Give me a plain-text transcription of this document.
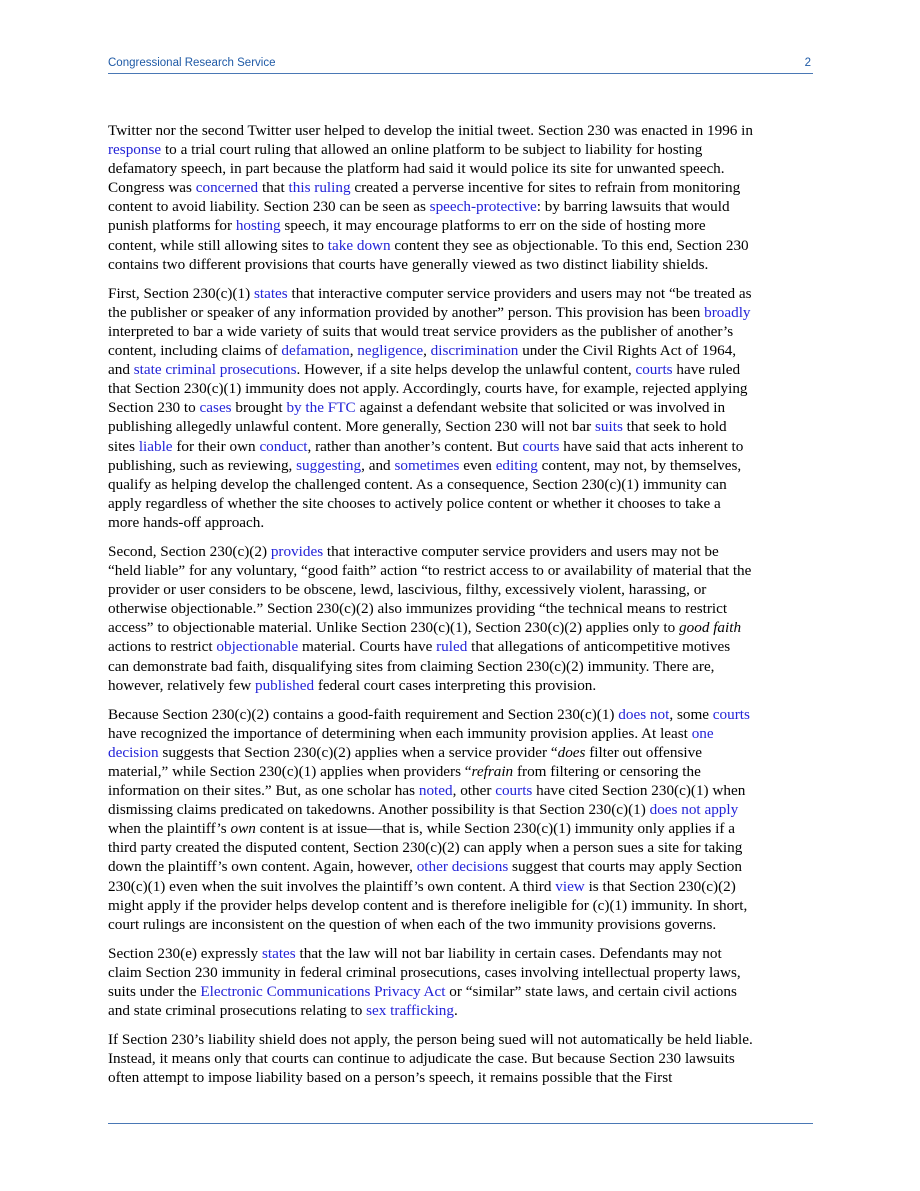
Congressional Research Service	2

Twitter nor the second Twitter user helped to develop the initial tweet. Section 230 was enacted in 1996 in
response to a trial court ruling that allowed an online platform to be subject to liability for hosting
defamatory speech, in part because the platform had said it would police its site for unwanted speech.
Congress was concerned that this ruling created a perverse incentive for sites to refrain from monitoring
content to avoid liability. Section 230 can be seen as speech-protective: by barring lawsuits that would
punish platforms for hosting speech, it may encourage platforms to err on the side of hosting more
content, while still allowing sites to take down content they see as objectionable. To this end, Section 230
contains two different provisions that courts have generally viewed as two distinct liability shields.

First, Section 230(c)(1) states that interactive computer service providers and users may not “be treated as
the publisher or speaker of any information provided by another” person. This provision has been broadly
interpreted to bar a wide variety of suits that would treat service providers as the publisher of another’s
content, including claims of defamation, negligence, discrimination under the Civil Rights Act of 1964,
and state criminal prosecutions. However, if a site helps develop the unlawful content, courts have ruled
that Section 230(c)(1) immunity does not apply. Accordingly, courts have, for example, rejected applying
Section 230 to cases brought by the FTC against a defendant website that solicited or was involved in
publishing allegedly unlawful content. More generally, Section 230 will not bar suits that seek to hold
sites liable for their own conduct, rather than another’s content. But courts have said that acts inherent to
publishing, such as reviewing, suggesting, and sometimes even editing content, may not, by themselves,
qualify as helping develop the challenged content. As a consequence, Section 230(c)(1) immunity can
apply regardless of whether the site chooses to actively police content or whether it chooses to take a
more hands-off approach.

Second, Section 230(c)(2) provides that interactive computer service providers and users may not be
“held liable” for any voluntary, “good faith” action “to restrict access to or availability of material that the
provider or user considers to be obscene, lewd, lascivious, filthy, excessively violent, harassing, or
otherwise objectionable.” Section 230(c)(2) also immunizes providing “the technical means to restrict
access” to objectionable material. Unlike Section 230(c)(1), Section 230(c)(2) applies only to good faith
actions to restrict objectionable material. Courts have ruled that allegations of anticompetitive motives
can demonstrate bad faith, disqualifying sites from claiming Section 230(c)(2) immunity. There are,
however, relatively few published federal court cases interpreting this provision.

Because Section 230(c)(2) contains a good-faith requirement and Section 230(c)(1) does not, some courts
have recognized the importance of determining when each immunity provision applies. At least one
decision suggests that Section 230(c)(2) applies when a service provider “does filter out offensive
material,” while Section 230(c)(1) applies when providers “refrain from filtering or censoring the
information on their sites.” But, as one scholar has noted, other courts have cited Section 230(c)(1) when
dismissing claims predicated on takedowns. Another possibility is that Section 230(c)(1) does not apply
when the plaintiff’s own content is at issue—that is, while Section 230(c)(1) immunity only applies if a
third party created the disputed content, Section 230(c)(2) can apply when a person sues a site for taking
down the plaintiff’s own content. Again, however, other decisions suggest that courts may apply Section
230(c)(1) even when the suit involves the plaintiff’s own content. A third view is that Section 230(c)(2)
might apply if the provider helps develop content and is therefore ineligible for (c)(1) immunity. In short,
court rulings are inconsistent on the question of when each of the two immunity provisions governs.

Section 230(e) expressly states that the law will not bar liability in certain cases. Defendants may not
claim Section 230 immunity in federal criminal prosecutions, cases involving intellectual property laws,
suits under the Electronic Communications Privacy Act or “similar” state laws, and certain civil actions
and state criminal prosecutions relating to sex trafficking.

If Section 230’s liability shield does not apply, the person being sued will not automatically be held liable.
Instead, it means only that courts can continue to adjudicate the case. But because Section 230 lawsuits
often attempt to impose liability based on a person’s speech, it remains possible that the First
